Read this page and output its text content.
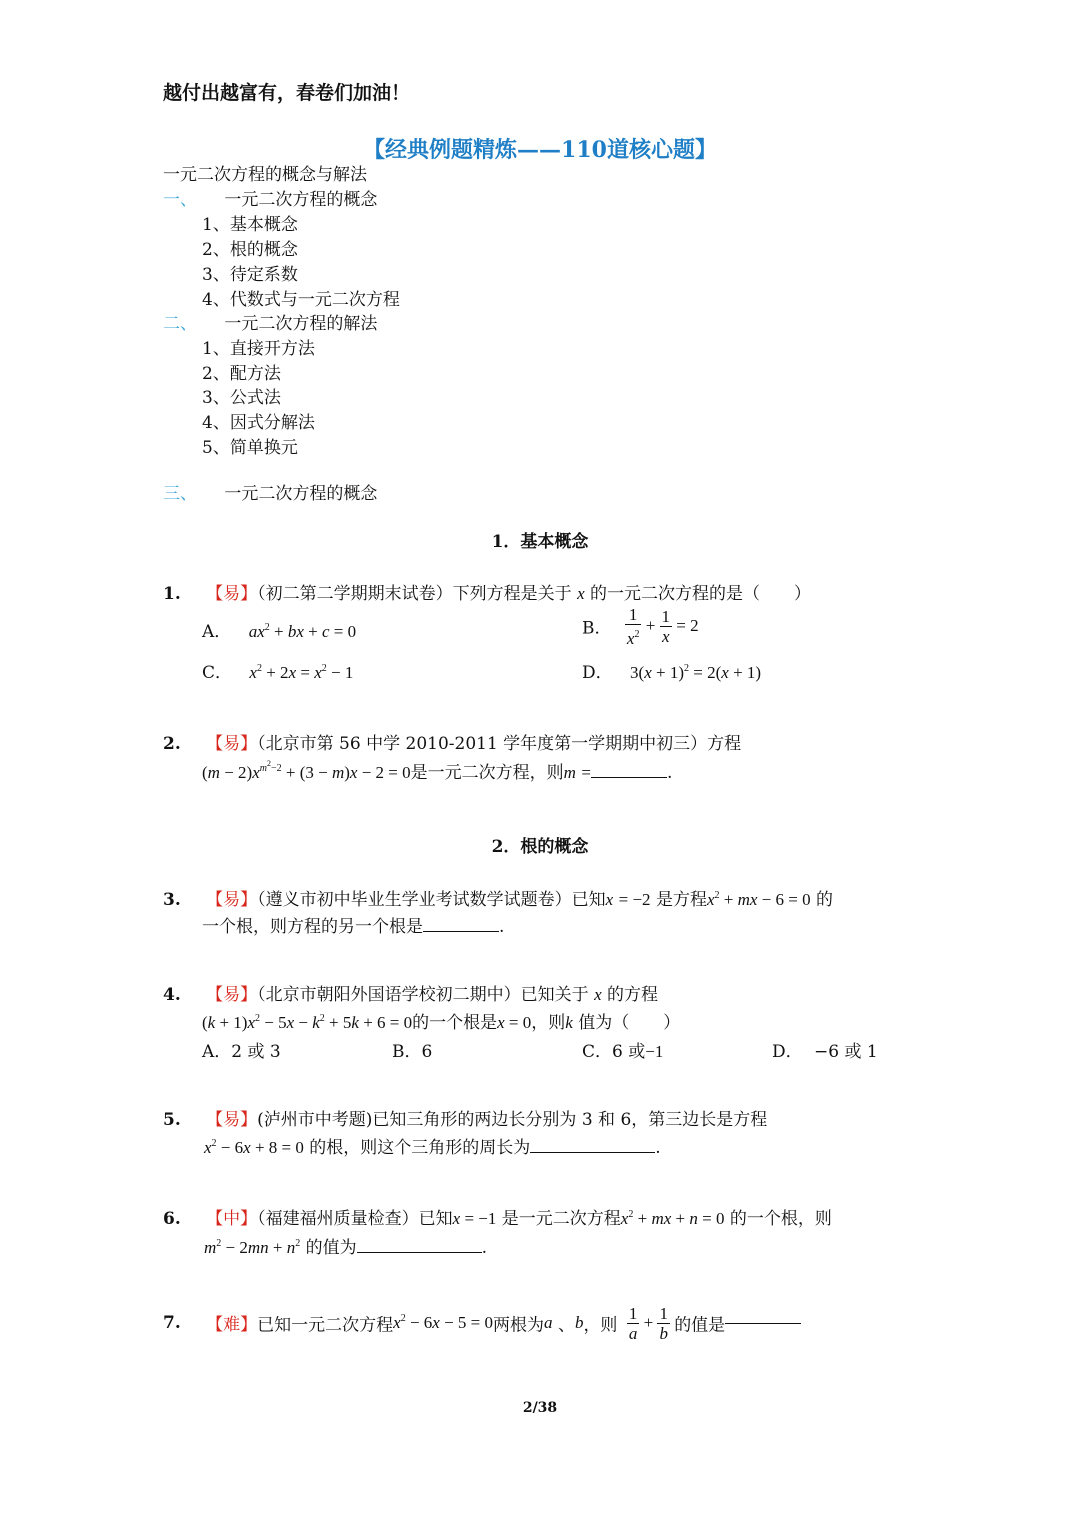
越付出越富有，春卷们加油！
【经典例题精炼——110道核心题】
一元二次方程的概念与解法
一、 一元二次方程的概念
1、基本概念
2、根的概念
3、待定系数
4、代数式与一元二次方程
二、 一元二次方程的解法
1、直接开方法
2、配方法
3、公式法
4、因式分解法
5、简单换元
三、 一元二次方程的概念
1．基本概念
1. 【易】（初二第二学期期末试卷）下列方程是关于 x 的一元二次方程的是（　　）
A． $ax^2$ + bx + c = 0	B． $\frac{1}{x^2} + \frac{1}{x} = 2$
C． $x^2 + 2x = x^2 - 1$	D． $3(x + 1)^2 = 2(x + 1)$
2. 【易】（北京市第 56 中学 2010-2011 学年度第一学期期中初三）方程
$(m - 2)x^{m^2-2} + (3 - m)x - 2 = 0$是一元二次方程，则m =	.
2．根的概念
3. 【易】（遵义市初中毕业生学业考试数学试题卷）已知x = −2 是方程$x^2$ + mx − 6 = 0 的
一个根，则方程的另一个根是	.
4. 【易】（北京市朝阳外国语学校初二期中）已知关于 x 的方程
$(k + 1)x^2 - 5x - k^2 + 5k + 6 = 0$的一个根是x = 0，则k 值为（　　）
A．2 或 3	B．6	C．6 或−1	D． −6 或 1
5. 【易】(泸州市中考题)已知三角形的两边长分别为 3 和 6，第三边长是方程
$x^2 - 6x + 8 = 0$ 的根，则这个三角形的周长为	.
6. 【中】（福建福州质量检查）已知x = −1 是一元二次方程$x^2$ + mx + n = 0 的一个根，则
$m^2 - 2mn + n^2$ 的值为	.
7. 【难】已知一元二次方程$x^2 - 6x - 5 = 0$两根为a 、b，则 $\frac{1}{a} + \frac{1}{b}$ 的值是
2/38
